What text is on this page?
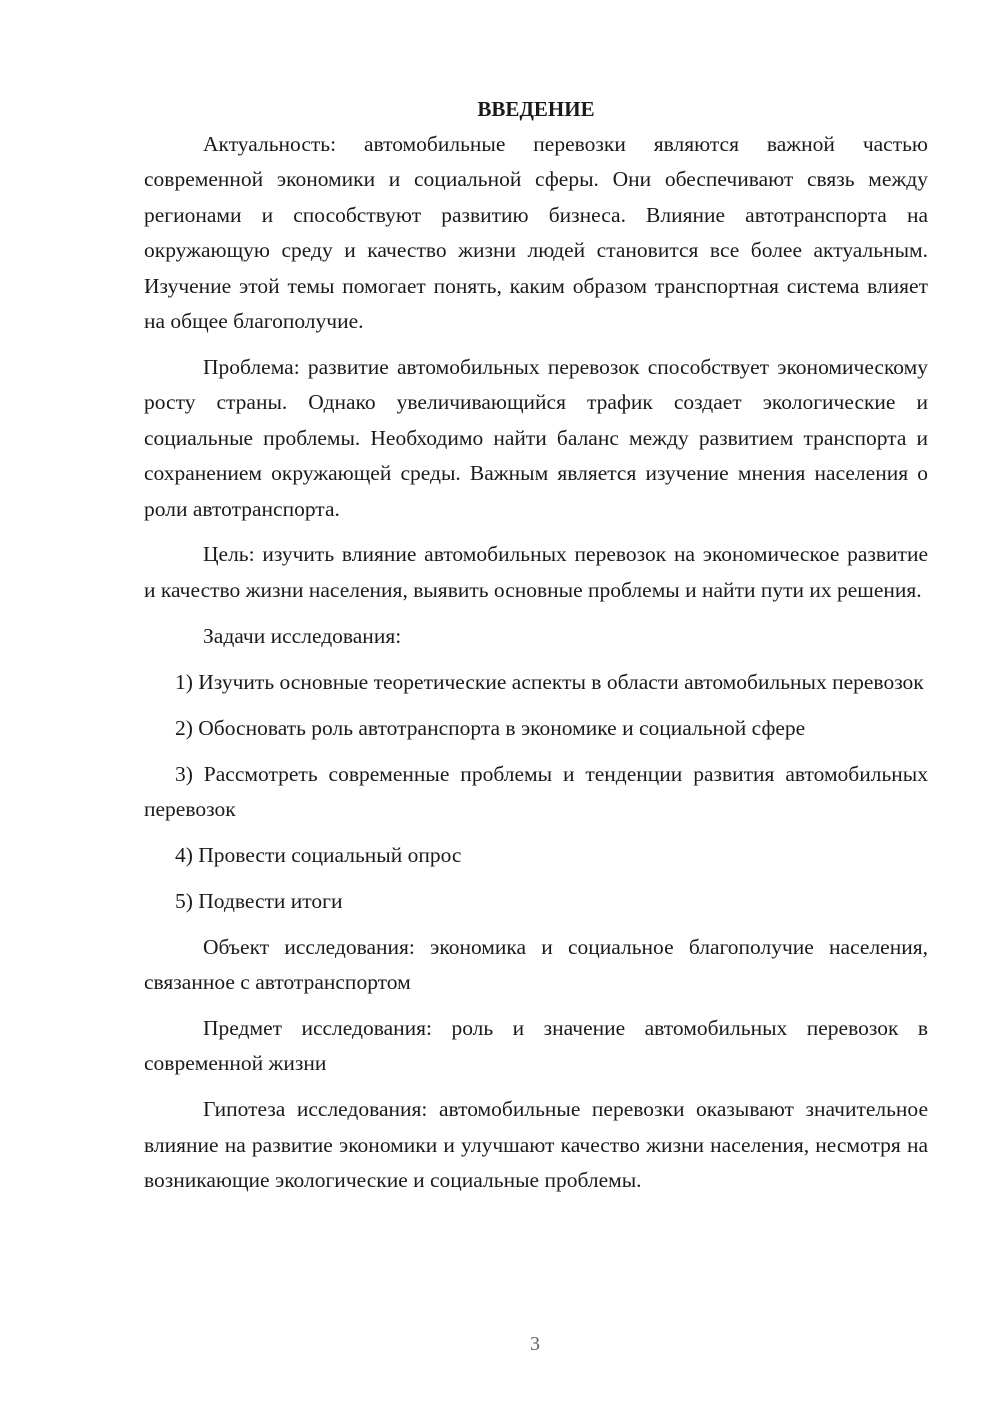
ВВЕДЕНИЕ

Актуальность: автомобильные перевозки являются важной частью современной экономики и социальной сферы. Они обеспечивают связь между регионами и способствуют развитию бизнеса. Влияние автотранспорта на окружающую среду и качество жизни людей становится все более актуальным. Изучение этой темы помогает понять, каким образом транспортная система влияет на общее благополучие.

Проблема: развитие автомобильных перевозок способствует экономическому росту страны. Однако увеличивающийся трафик создает экологические и социальные проблемы. Необходимо найти баланс между развитием транспорта и сохранением окружающей среды. Важным является изучение мнения населения о роли автотранспорта.

Цель: изучить влияние автомобильных перевозок на экономическое развитие и качество жизни населения, выявить основные проблемы и найти пути их решения.

Задачи исследования:

1) Изучить основные теоретические аспекты в области автомобильных перевозок

2) Обосновать роль автотранспорта в экономике и социальной сфере

3) Рассмотреть современные проблемы и тенденции развития автомобильных перевозок

4) Провести социальный опрос

5) Подвести итоги

Объект исследования: экономика и социальное благополучие населения, связанное с автотранспортом

Предмет исследования: роль и значение автомобильных перевозок в современной жизни

Гипотеза исследования: автомобильные перевозки оказывают значительное влияние на развитие экономики и улучшают качество жизни населения, несмотря на возникающие экологические и социальные проблемы.

3
